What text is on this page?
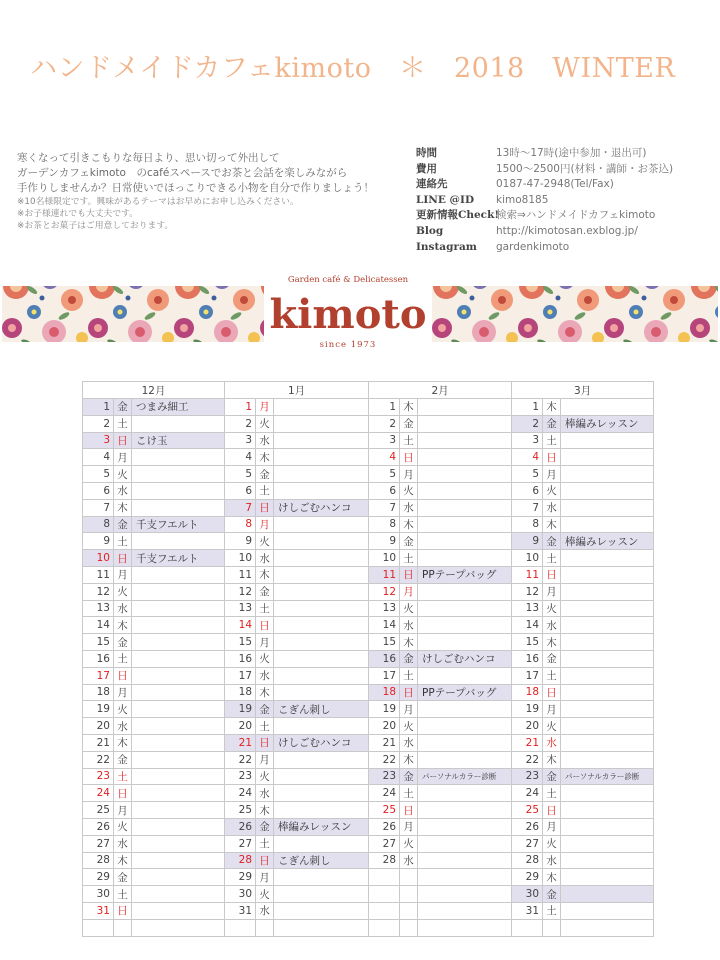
ハンドメイドカフェkimoto　＊　2018　WINTER
寒くなって引きこもりな毎日より、思い切って外出して
ガーデンカフェkimoto　のcaféスペースでお茶と会話を楽しみながら
手作りしませんか？日常使いでほっこりできる小物を自分で作りましょう！
※10名様限定です。興味があるテーマはお早めにお申し込みください。
※お子様連れでも大丈夫です。
※お茶とお菓子はご用意しております。
時間	13時～17時(途中参加・退出可)
費用	1500～2500円(材料・講師・お茶込)
連絡先	0187-47-2948(Tel/Fax)
LINE @ID	kimo8185
更新情報Check!
検索⇒ハンドメイドカフェkimoto
Blog	http://kimotosan.exblog.jp/
Instagram	gardenkimoto
Garden café & Delicatessen
kimoto
since 1973
12月			1月			2月			3月		
1	金	つまみ細工	1	月		1	木		1	木	
2	土		2	火		2	金		2	金	棒編みレッスン
3	日	こけ玉	3	水		3	土		3	土	
4	月		4	木		4	日		4	日	
5	火		5	金		5	月		5	月	
6	水		6	土		6	火		6	火	
7	木		7	日	けしごむハンコ	7	水		7	水	
8	金	千支フエルト	8	月		8	木		8	木	
9	土		9	火		9	金		9	金	棒編みレッスン
10	日	千支フエルト	10	水		10	土		10	土	
11	月		11	木		11	日	PPテープバッグ	11	日	
12	火		12	金		12	月		12	月	
13	水		13	土		13	火		13	火	
14	木		14	日		14	水		14	水	
15	金		15	月		15	木		15	木	
16	土		16	火		16	金	けしごむハンコ	16	金	
17	日		17	水		17	土		17	土	
18	月		18	木		18	日	PPテープバッグ	18	日	
19	火		19	金	こぎん刺し	19	月		19	月	
20	水		20	土		20	火		20	火	
21	木		21	日	けしごむハンコ	21	水		21	水	
22	金		22	月		22	木		22	木	
23	土		23	火		23	金	パーソナルカラー診断	23	金	パーソナルカラー診断
24	日		24	水		24	土		24	土	
25	月		25	木		25	日		25	日	
26	火		26	金	棒編みレッスン	26	月		26	月	
27	水		27	土		27	火		27	火	
28	木		28	日	こぎん刺し	28	水		28	水	
29	金		29	月					29	木	
30	土		30	火					30	金	
31	日		31	水					31	土	
